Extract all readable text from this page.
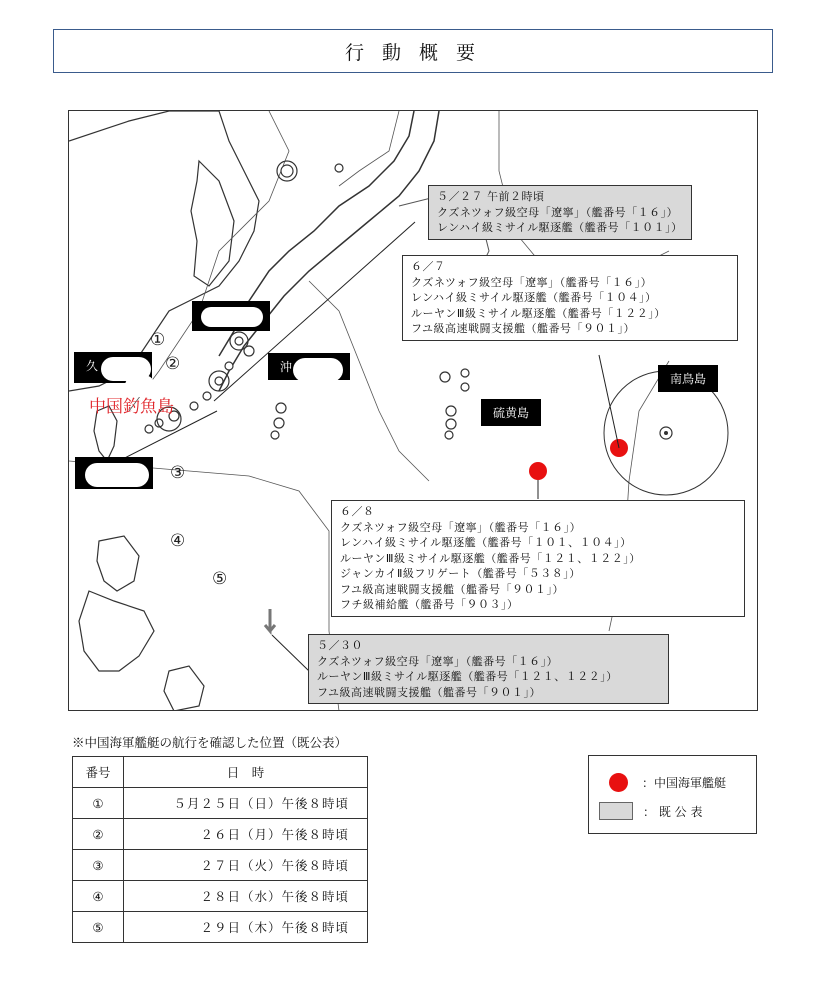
行 動 概 要
５／２７ 午前２時頃
クズネツォフ級空母「遼寧」（艦番号「１６」）
レンハイ級ミサイル駆逐艦（艦番号「１０１」）
６／７
クズネツォフ級空母「遼寧」（艦番号「１６」）
レンハイ級ミサイル駆逐艦（艦番号「１０４」）
ルーヤンⅢ級ミサイル駆逐艦（艦番号「１２２」）
フユ級高速戦闘支援艦（艦番号「９０１」）
６／８
クズネツォフ級空母「遼寧」（艦番号「１６」）
レンハイ級ミサイル駆逐艦（艦番号「１０１、１０４」）
ルーヤンⅢ級ミサイル駆逐艦（艦番号「１２１、１２２」）
ジャンカイⅡ級フリゲート（艦番号「５３８」）
フユ級高速戦闘支援艦（艦番号「９０１」）
フチ級補給艦（艦番号「９０３」）
５／３０
クズネツォフ級空母「遼寧」（艦番号「１６」）
ルーヤンⅢ級ミサイル駆逐艦（艦番号「１２１、１２２」）
フユ級高速戦闘支援艦（艦番号「９０１」）
南鳥島
硫黄島
沖
久
中国釣魚島
①
②
③
④
⑤
※中国海軍艦艇の航行を確認した位置（既公表）
番号	日　時
①	５月２５日（日）午後８時頃
②	２６日（月）午後８時頃
③	２７日（火）午後８時頃
④	２８日（水）午後８時頃
⑤	２９日（木）午後８時頃
：中国海軍艦艇
： 既 公 表
